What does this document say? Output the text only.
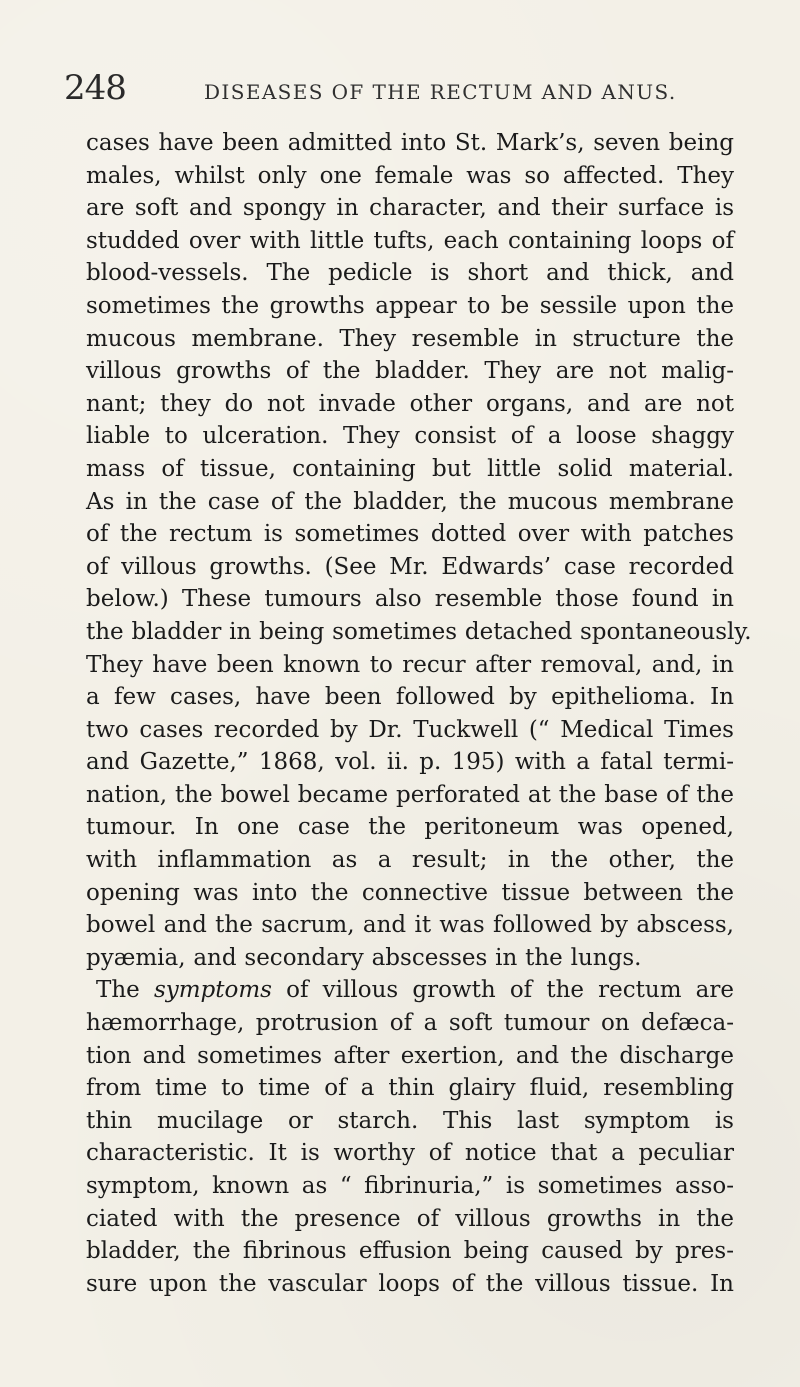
248	DISEASES OF THE RECTUM AND ANUS.
cases have been admitted into St. Mark’s, seven being
males, whilst only one female was so affected. They
are soft and spongy in character, and their surface is
studded over with little tufts, each containing loops of
blood-vessels. The pedicle is short and thick, and
sometimes the growths appear to be sessile upon the
mucous membrane. They resemble in structure the
villous growths of the bladder. They are not malig-
nant; they do not invade other organs, and are not
liable to ulceration. They consist of a loose shaggy
mass of tissue, containing but little solid material.
As in the case of the bladder, the mucous membrane
of the rectum is sometimes dotted over with patches
of villous growths. (See Mr. Edwards’ case recorded
below.) These tumours also resemble those found in
the bladder in being sometimes detached spontaneously.
They have been known to recur after removal, and, in
a few cases, have been followed by epithelioma. In
two cases recorded by Dr. Tuckwell (“ Medical Times
and Gazette,” 1868, vol. ii. p. 195) with a fatal termi-
nation, the bowel became perforated at the base of the
tumour. In one case the peritoneum was opened,
with inflammation as a result; in the other, the
opening was into the connective tissue between the
bowel and the sacrum, and it was followed by abscess,
pyæmia, and secondary abscesses in the lungs.
The symptoms of villous growth of the rectum are
hæmorrhage, protrusion of a soft tumour on defæca-
tion and sometimes after exertion, and the discharge
from time to time of a thin glairy fluid, resembling
thin mucilage or starch. This last symptom is
characteristic. It is worthy of notice that a peculiar
symptom, known as “ fibrinuria,” is sometimes asso-
ciated with the presence of villous growths in the
bladder, the fibrinous effusion being caused by pres-
sure upon the vascular loops of the villous tissue. In
